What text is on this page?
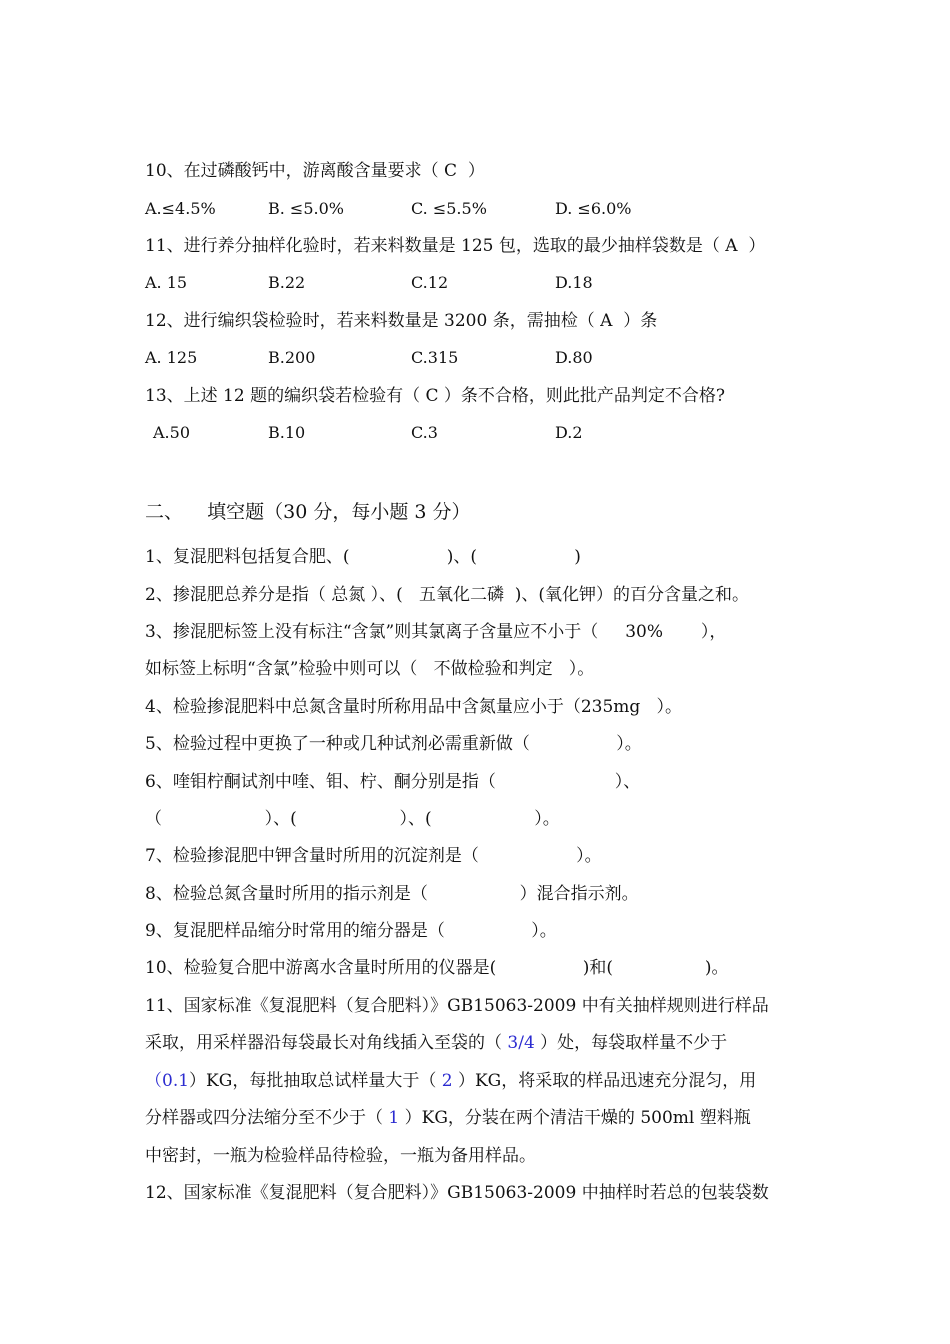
10、在过磷酸钙中，游离酸含量要求（ C  ）
A.≤4.5%	B. ≤5.0%	C. ≤5.5%	D. ≤6.0%
11、进行养分抽样化验时，若来料数量是 125 包，选取的最少抽样袋数是（ A  ）
A. 15	B.22	C.12	D.18
12、进行编织袋检验时，若来料数量是 3200 条，需抽检（ A  ）条
A. 125	B.200	C.315	D.80
13、上述 12 题的编织袋若检验有（ C ）条不合格，则此批产品判定不合格?
A.50	B.10	C.3	D.2
二、    填空题（30 分，每小题 3 分）
1、复混肥料包括复合肥、(                  )、(                  )
2、掺混肥总养分是指（ 总氮 ）、(   五氧化二磷  )、(氧化钾）的百分含量之和。
3、掺混肥标签上没有标注“含氯”则其氯离子含量应不小于（     30%       ），
如标签上标明“含氯”检验中则可以（   不做检验和判定   ）。
4、检验掺混肥料中总氮含量时所称用品中含氮量应小于（235mg   ）。
5、检验过程中更换了一种或几种试剂必需重新做（                ）。
6、喹钼柠酮试剂中喹、钼、柠、酮分别是指（                      ）、
（                   ）、(                   ）、(                   ）。
7、检验掺混肥中钾含量时所用的沉淀剂是（                  ）。
8、检验总氮含量时所用的指示剂是（                 ）混合指示剂。
9、复混肥样品缩分时常用的缩分器是（                ）。
10、检验复合肥中游离水含量时所用的仪器是(                )和(                 )。
11、国家标准《复混肥料（复合肥料）》GB15063-2009 中有关抽样规则进行样品
采取，用采样器沿每袋最长对角线插入至袋的（ 3/4 ）处，每袋取样量不少于
（0.1）KG，每批抽取总试样量大于（ 2 ）KG，将采取的样品迅速充分混匀，用
分样器或四分法缩分至不少于（ 1 ）KG，分装在两个清洁干燥的 500ml 塑料瓶
中密封，一瓶为检验样品待检验，一瓶为备用样品。
12、国家标准《复混肥料（复合肥料）》GB15063-2009 中抽样时若总的包装袋数
